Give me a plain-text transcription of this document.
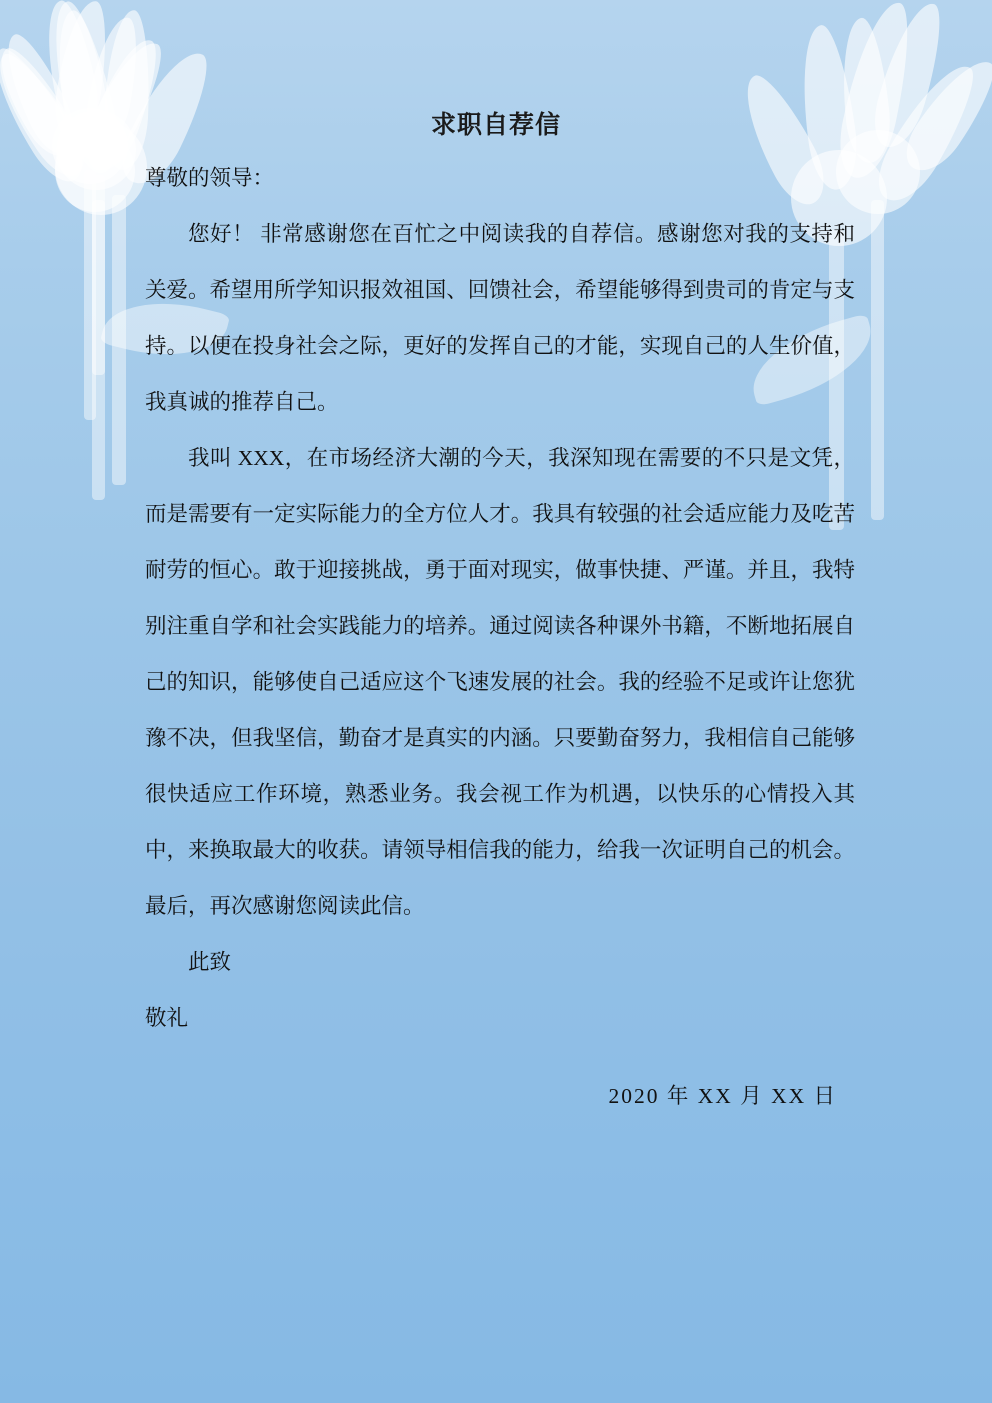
求职自荐信

尊敬的领导：

您好！ 非常感谢您在百忙之中阅读我的自荐信。感谢您对我的支持和关爱。希望用所学知识报效祖国、回馈社会，希望能够得到贵司的肯定与支持。以便在投身社会之际，更好的发挥自己的才能，实现自己的人生价值，我真诚的推荐自己。

我叫 XXX，在市场经济大潮的今天，我深知现在需要的不只是文凭，而是需要有一定实际能力的全方位人才。我具有较强的社会适应能力及吃苦耐劳的恒心。敢于迎接挑战，勇于面对现实，做事快捷、严谨。并且，我特别注重自学和社会实践能力的培养。通过阅读各种课外书籍，不断地拓展自己的知识，能够使自己适应这个飞速发展的社会。我的经验不足或许让您犹豫不决，但我坚信，勤奋才是真实的内涵。只要勤奋努力，我相信自己能够很快适应工作环境，熟悉业务。我会视工作为机遇，以快乐的心情投入其中，来换取最大的收获。请领导相信我的能力，给我一次证明自己的机会。最后，再次感谢您阅读此信。

此致

敬礼

2020 年 XX 月 XX 日
